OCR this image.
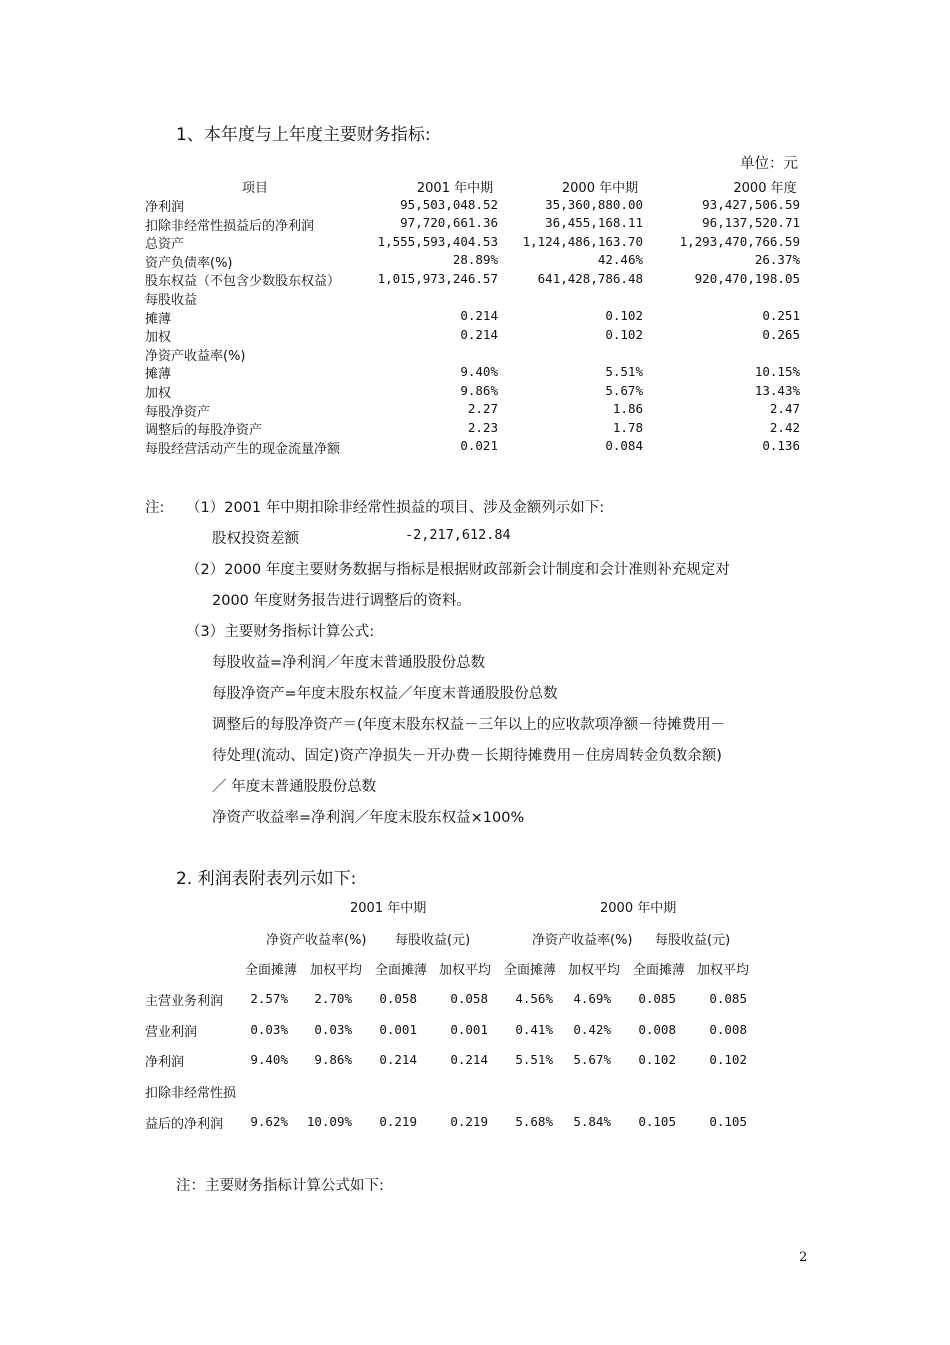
1、本年度与上年度主要财务指标:
单位：元
项目	2001 年中期	2000 年中期	2000 年度
净利润	95,503,048.52	35,360,880.00	93,427,506.59
扣除非经常性损益后的净利润	97,720,661.36	36,455,168.11	96,137,520.71
总资产	1,555,593,404.53	1,124,486,163.70	1,293,470,766.59
资产负债率(%)	28.89%	42.46%	26.37%
股东权益（不包含少数股东权益）	1,015,973,246.57	641,428,786.48	920,470,198.05
每股收益
摊薄	0.214	0.102	0.251
加权	0.214	0.102	0.265
净资产收益率(%)
摊薄	9.40%	5.51%	10.15%
加权	9.86%	5.67%	13.43%
每股净资产	2.27	1.86	2.47
调整后的每股净资产	2.23	1.78	2.42
每股经营活动产生的现金流量净额	0.021	0.084	0.136
注: （1）2001 年中期扣除非经常性损益的项目、涉及金额列示如下:
股权投资差额	-2,217,612.84
（2）2000 年度主要财务数据与指标是根据财政部新会计制度和会计准则补充规定对
2000 年度财务报告进行调整后的资料。
（3）主要财务指标计算公式:
每股收益=净利润／年度末普通股股份总数
每股净资产=年度末股东权益／年度末普通股股份总数
调整后的每股净资产＝(年度末股东权益－三年以上的应收款项净额－待摊费用－
待处理(流动、固定)资产净损失－开办费－长期待摊费用－住房周转金负数余额)
／ 年度末普通股股份总数
净资产收益率=净利润／年度末股东权益×100%
2. 利润表附表列示如下:
2001 年中期	2000 年中期
净资产收益率(%) 每股收益(元)	净资产收益率(%) 每股收益(元)
全面摊薄 加权平均 全面摊薄 加权平均 全面摊薄 加权平均 全面摊薄 加权平均
主营业务利润	2.57%	2.70%	0.058	0.058	4.56%	4.69%	0.085	0.085
营业利润	0.03%	0.03%	0.001	0.001	0.41%	0.42%	0.008	0.008
净利润	9.40%	9.86%	0.214	0.214	5.51%	5.67%	0.102	0.102
扣除非经常性损
益后的净利润	9.62%	10.09%	0.219	0.219	5.68%	5.84%	0.105	0.105
注：主要财务指标计算公式如下:
2
